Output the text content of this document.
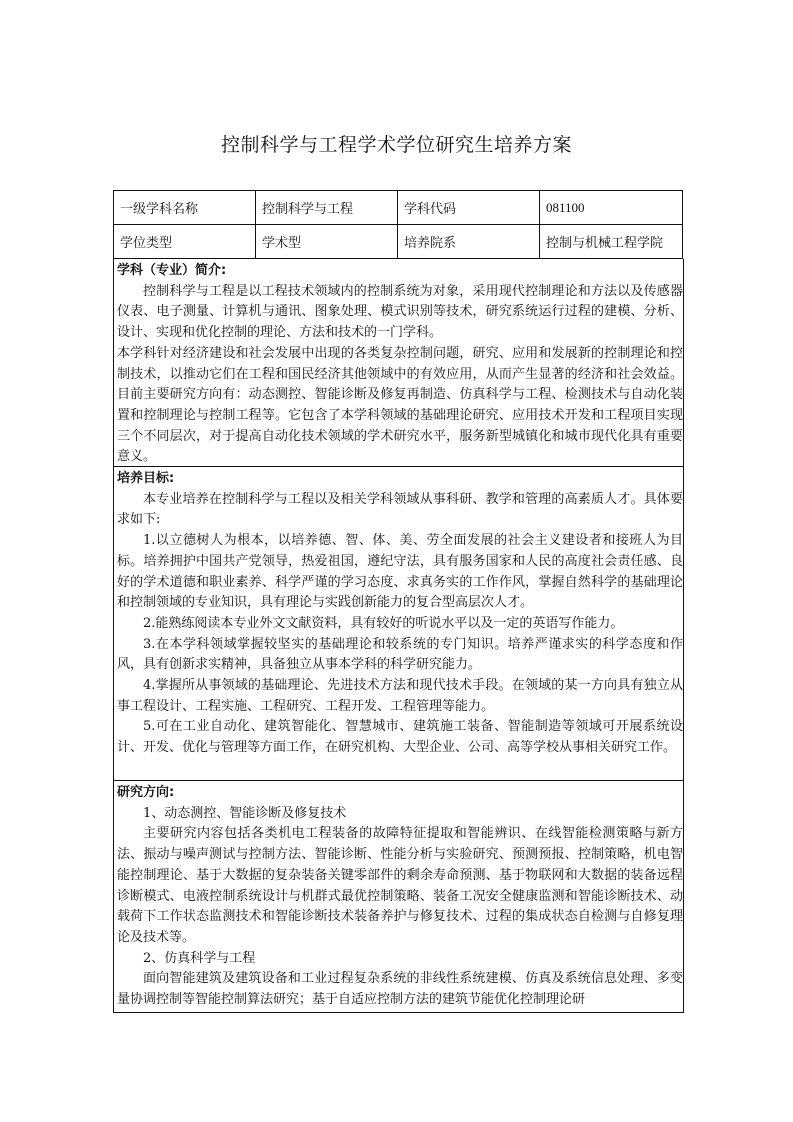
控制科学与工程学术学位研究生培养方案
一级学科名称	控制科学与工程	学科代码	081100
学位类型	学术型	培养院系	控制与机械工程学院
学科（专业）简介:

控制科学与工程是以工程技术领域内的控制系统为对象，采用现代控制理论和方法以及传感器仪表、电子测量、计算机与通讯、图象处理、模式识别等技术，研究系统运行过程的建模、分析、设计、实现和优化控制的理论、方法和技术的一门学科。

本学科针对经济建设和社会发展中出现的各类复杂控制问题，研究、应用和发展新的控制理论和控制技术，以推动它们在工程和国民经济其他领域中的有效应用，从而产生显著的经济和社会效益。目前主要研究方向有：动态测控、智能诊断及修复再制造、仿真科学与工程、检测技术与自动化装置和控制理论与控制工程等。它包含了本学科领域的基础理论研究、应用技术开发和工程项目实现三个不同层次，对于提高自动化技术领域的学术研究水平，服务新型城镇化和城市现代化具有重要意义。

培养目标:

本专业培养在控制科学与工程以及相关学科领域从事科研、教学和管理的高素质人才。具体要求如下:

1.以立德树人为根本，以培养德、智、体、美、劳全面发展的社会主义建设者和接班人为目标。培养拥护中国共产党领导，热爱祖国，遵纪守法，具有服务国家和人民的高度社会责任感、良好的学术道德和职业素养、科学严谨的学习态度、求真务实的工作作风，掌握自然科学的基础理论和控制领域的专业知识，具有理论与实践创新能力的复合型高层次人才。

2.能熟练阅读本专业外文文献资料，具有较好的听说水平以及一定的英语写作能力。

3.在本学科领域掌握较坚实的基础理论和较系统的专门知识。培养严谨求实的科学态度和作风，具有创新求实精神，具备独立从事本学科的科学研究能力。

4.掌握所从事领域的基础理论、先进技术方法和现代技术手段。在领域的某一方向具有独立从事工程设计、工程实施、工程研究、工程开发、工程管理等能力。

5.可在工业自动化、建筑智能化、智慧城市、建筑施工装备、智能制造等领域可开展系统设计、开发、优化与管理等方面工作，在研究机构、大型企业、公司、高等学校从事相关研究工作。

研究方向:

1、动态测控、智能诊断及修复技术

主要研究内容包括各类机电工程装备的故障特征提取和智能辨识、在线智能检测策略与新方法、振动与噪声测试与控制方法、智能诊断、性能分析与实验研究、预测预报、控制策略，机电智能控制理论、基于大数据的复杂装备关键零部件的剩余寿命预测、基于物联网和大数据的装备远程诊断模式、电液控制系统设计与机群式最优控制策略、装备工况安全健康监测和智能诊断技术、动载荷下工作状态监测技术和智能诊断技术装备养护与修复技术、过程的集成状态自检测与自修复理论及技术等。

2、仿真科学与工程

面向智能建筑及建筑设备和工业过程复杂系统的非线性系统建模、仿真及系统信息处理、多变量协调控制等智能控制算法研究；基于自适应控制方法的建筑节能优化控制理论研
